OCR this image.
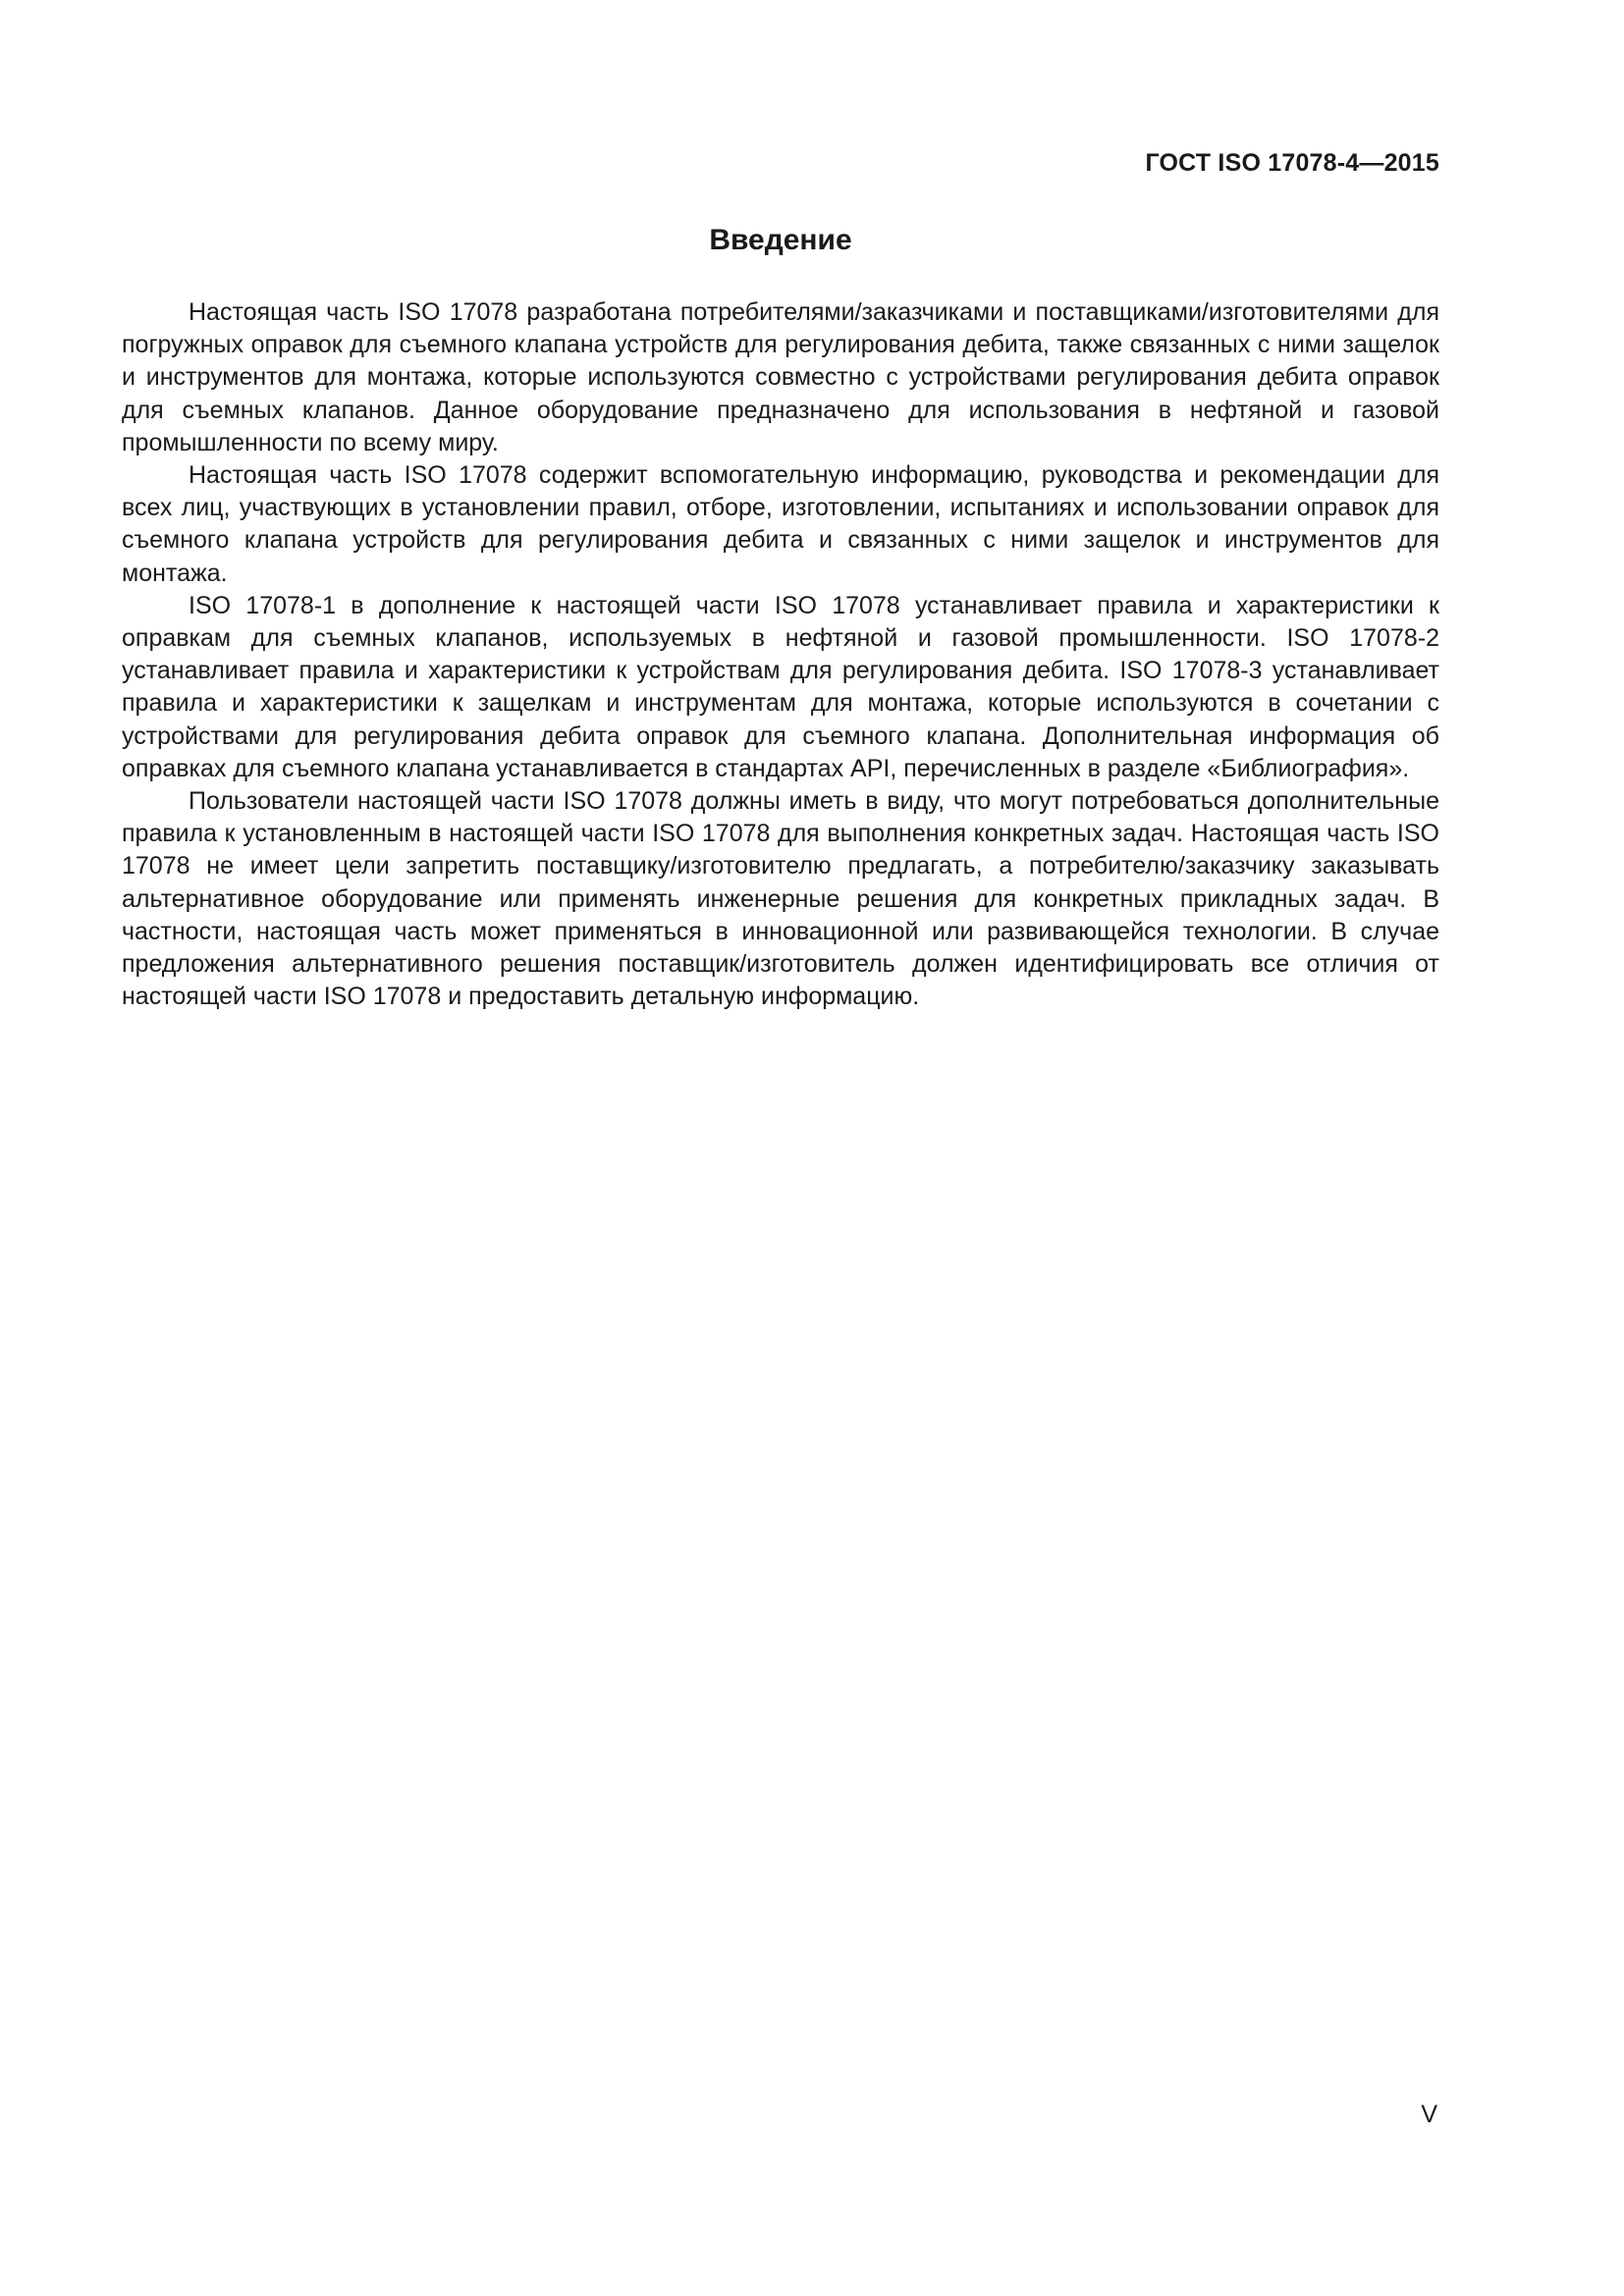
ГОСТ ISO 17078-4—2015
Введение

Настоящая часть ISO 17078 разработана потребителями/заказчиками и поставщиками/изготовителями для погружных оправок для съемного клапана устройств для регулирования дебита, также связанных с ними защелок и инструментов для монтажа, которые используются совместно с устройствами регулирования дебита оправок для съемных клапанов. Данное оборудование предназначено для использования в нефтяной и газовой промышленности по всему миру.

Настоящая часть ISO 17078 содержит вспомогательную информацию, руководства и рекомендации для всех лиц, участвующих в установлении правил, отборе, изготовлении, испытаниях и использовании оправок для съемного клапана устройств для регулирования дебита и связанных с ними защелок и инструментов для монтажа.

ISO 17078-1 в дополнение к настоящей части ISO 17078 устанавливает правила и характеристики к оправкам для съемных клапанов, используемых в нефтяной и газовой промышленности. ISO 17078-2 устанавливает правила и характеристики к устройствам для регулирования дебита. ISO 17078-3 устанавливает правила и характеристики к защелкам и инструментам для монтажа, которые используются в сочетании с устройствами для регулирования дебита оправок для съемного клапана. Дополнительная информация об оправках для съемного клапана устанавливается в стандартах API, перечисленных в разделе «Библиография».

Пользователи настоящей части ISO 17078 должны иметь в виду, что могут потребоваться дополнительные правила к установленным в настоящей части ISO 17078 для выполнения конкретных задач. Настоящая часть ISO 17078 не имеет цели запретить поставщику/изготовителю предлагать, а потребителю/заказчику заказывать альтернативное оборудование или применять инженерные решения для конкретных прикладных задач. В частности, настоящая часть может применяться в инновационной или развивающейся технологии. В случае предложения альтернативного решения поставщик/изготовитель должен идентифицировать все отличия от настоящей части ISO 17078 и предоставить детальную информацию.

V
